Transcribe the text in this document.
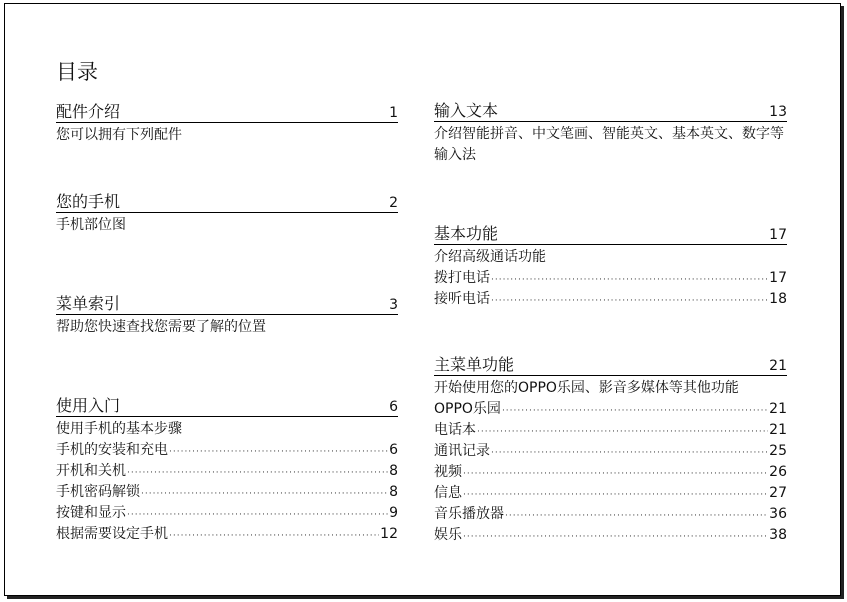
目录
配件介绍	1
您可以拥有下列配件
您的手机	2
手机部位图
菜单索引	3
帮助您快速查找您需要了解的位置
使用入门	6
使用手机的基本步骤
手机的安装和充电 ·····	6
开机和关机 ·····	8
手机密码解锁 ·····	8
按键和显示 ·····	9
根据需要设定手机 ·····	12
输入文本	13
介绍智能拼音、中文笔画、智能英文、基本英文、数字等输入法
基本功能	17
介绍高级通话功能
拨打电话 ·····	17
接听电话 ·····	18
主菜单功能	21
开始使用您的OPPO乐园、影音多媒体等其他功能
OPPO乐园 ·····	21
电话本 ·····	21
通讯记录 ·····	25
视频 ·····	26
信息 ·····	27
音乐播放器 ·····	36
娱乐 ·····	38
